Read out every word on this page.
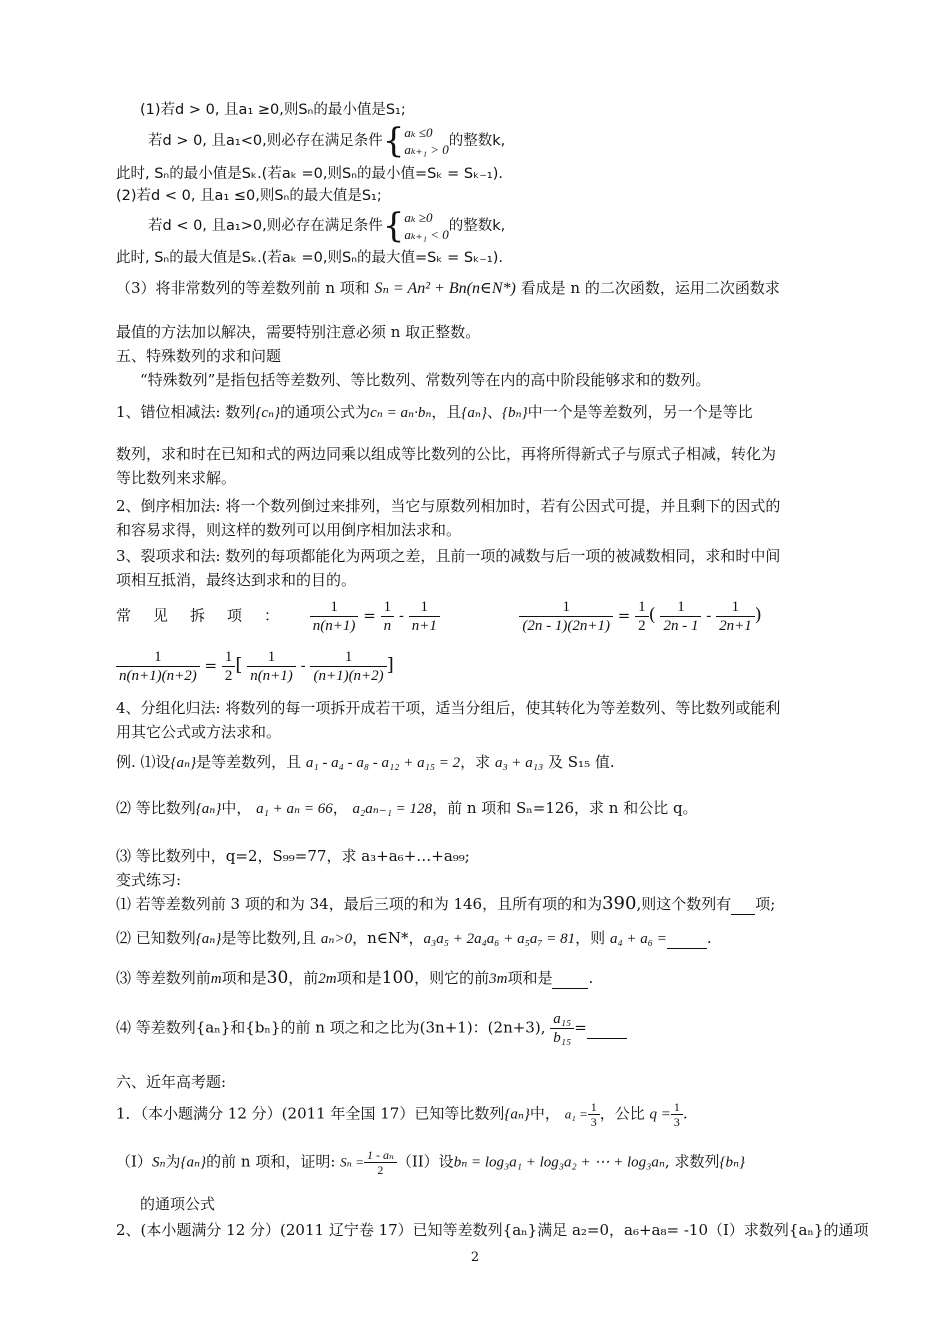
(1)若d > 0, 且a₁ ≥0,则Sₙ的最小值是S₁;
若d > 0, 且a₁<0,则必存在满足条件{ aₖ ≤0
aₖ₊₁ > 0
的整数k,
此时, Sₙ的最小值是Sₖ.(若aₖ =0,则Sₙ的最小值=Sₖ = Sₖ₋₁).
(2)若d < 0, 且a₁ ≤0,则Sₙ的最大值是S₁;
若d < 0, 且a₁>0,则必存在满足条件{ aₖ ≥0
aₖ₊₁ < 0
的整数k,
此时, Sₙ的最大值是Sₖ.(若aₖ =0,则Sₙ的最大值=Sₖ = Sₖ₋₁).
（3）将非常数列的等差数列前 n 项和 Sₙ = An² + Bn(n∈N*) 看成是 n 的二次函数，运用二次函数求
最值的方法加以解决，需要特别注意必须 n 取正整数。
五、特殊数列的求和问题
“特殊数列”是指包括等差数列、等比数列、常数列等在内的高中阶段能够求和的数列。
1、错位相减法: 数列{cₙ}的通项公式为cₙ = aₙ·bₙ，且{aₙ}、{bₙ}中一个是等差数列，另一个是等比
数列，求和时在已知和式的两边同乘以组成等比数列的公比，再将所得新式子与原式子相减，转化为
等比数列来求解。
2、倒序相加法: 将一个数列倒过来排列，当它与原数列相加时，若有公因式可提，并且剩下的因式的
和容易求得，则这样的数列可以用倒序相加法求和。
3、裂项求和法: 数列的每项都能化为两项之差，且前一项的减数与后一项的被减数相同，求和时中间
项相互抵消，最终达到求和的目的。
常见拆项： $\frac{1}{n(n+1)} = \frac{1}{n} - \frac{1}{n+1}$
	$\frac{1}{(2n - 1)(2n+1)} = \frac{1}{2}$ ( $\frac{1}{2n - 1} - \frac{1}{2n+1}$ )
$\frac{1}{n(n+1)(n+2)} = \frac{1}{2}$ [ $\frac{1}{n(n+1)} - \frac{1}{(n+1)(n+2)}$ ]
4、分组化归法: 将数列的每一项拆开成若干项，适当分组后，使其转化为等差数列、等比数列或能利
用其它公式或方法求和。
例. ⑴设{aₙ}是等差数列，且 a₁ - a₄ - a₈ - a₁₂ + a₁₅ = 2，求 a₃ + a₁₃ 及 S₁₅ 值.
⑵ 等比数列{aₙ}中， a₁ + aₙ = 66， a₂aₙ₋₁ = 128，前 n 项和 Sₙ=126，求 n 和公比 q。
⑶ 等比数列中，q=2，S₉₉=77，求 a₃+a₆+…+a₉₉;
变式练习:
⑴ 若等差数列前 3 项的和为 34，最后三项的和为 146，且所有项的和为390,则这个数列有 项;
⑵ 已知数列{aₙ}是等比数列,且 aₙ>0，n∈N*，a₃a₅ + 2a₄a₆ + a₅a₇ = 81，则 a₄ + a₆ =	.
⑶ 等差数列前m项和是30，前2m项和是100，则它的前3m项和是 .
⑷ 等差数列{aₙ}和{bₙ}的前 n 项之和之比为(3n+1)：(2n+3), $\frac{\text{a₁₅}}{\text{b₁₅}}$ =
六、近年高考题:
1．（本小题满分 12 分）(2011 年全国 17）已知等比数列{aₙ}中， $a_1 = \frac{1}{3}$ ，公比 $q = \frac{1}{3}$ .
（I）Sₙ为{aₙ}的前 n 项和，证明: $S_n = \frac{\text{1 - aₙ}}{2} (II)$设bₙ = log₃a₁ + log₃a₂ + ⋯ + log₃aₙ, 求数列{bₙ}
的通项公式
2、(本小题满分 12 分）(2011 辽宁卷 17）已知等差数列{aₙ}满足 a₂=0，a₆+a₈= -10（I）求数列{aₙ}的通项
2
